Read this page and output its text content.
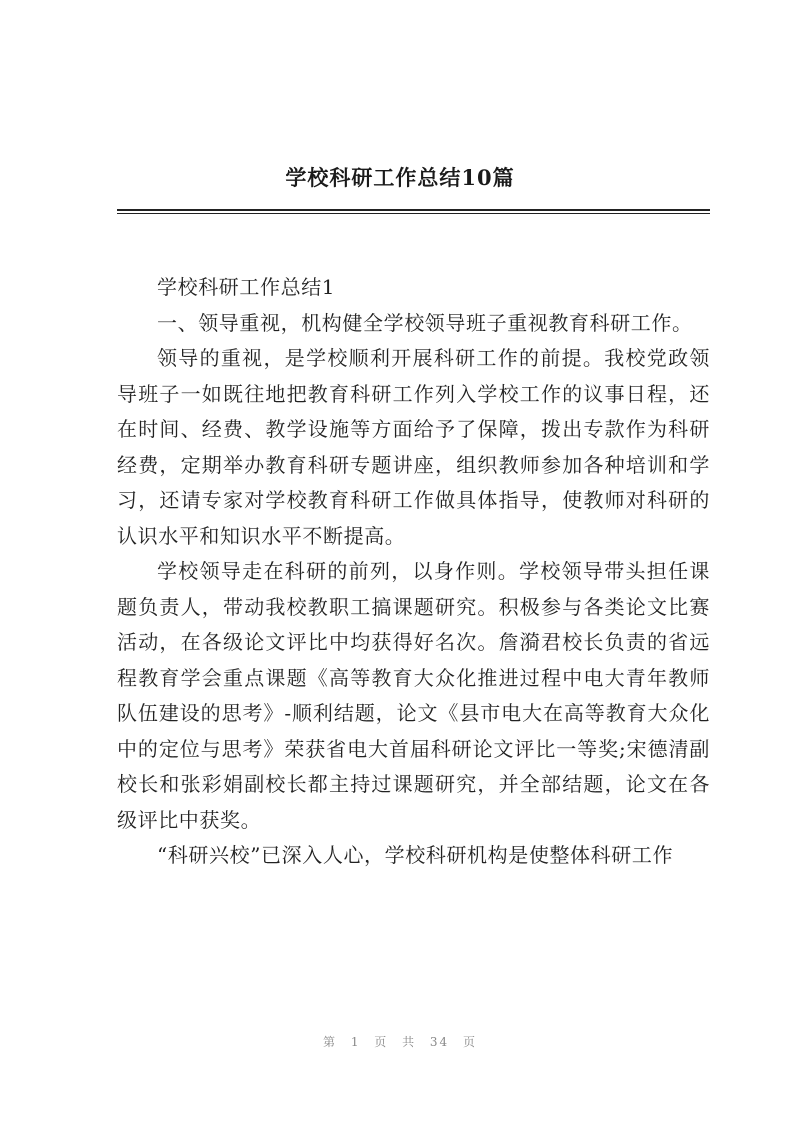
学校科研工作总结10篇

学校科研工作总结1

一、领导重视，机构健全学校领导班子重视教育科研工作。

领导的重视，是学校顺利开展科研工作的前提。我校党政领导班子一如既往地把教育科研工作列入学校工作的议事日程，还在时间、经费、教学设施等方面给予了保障，拨出专款作为科研经费，定期举办教育科研专题讲座，组织教师参加各种培训和学习，还请专家对学校教育科研工作做具体指导，使教师对科研的认识水平和知识水平不断提高。

学校领导走在科研的前列，以身作则。学校领导带头担任课题负责人，带动我校教职工搞课题研究。积极参与各类论文比赛活动，在各级论文评比中均获得好名次。詹漪君校长负责的省远程教育学会重点课题《高等教育大众化推进过程中电大青年教师队伍建设的思考》-顺利结题，论文《县市电大在高等教育大众化中的定位与思考》荣获省电大首届科研论文评比一等奖;宋德清副校长和张彩娟副校长都主持过课题研究，并全部结题，论文在各级评比中获奖。

“科研兴校”已深入人心，学校科研机构是使整体科研工作

第 1 页 共 34 页
